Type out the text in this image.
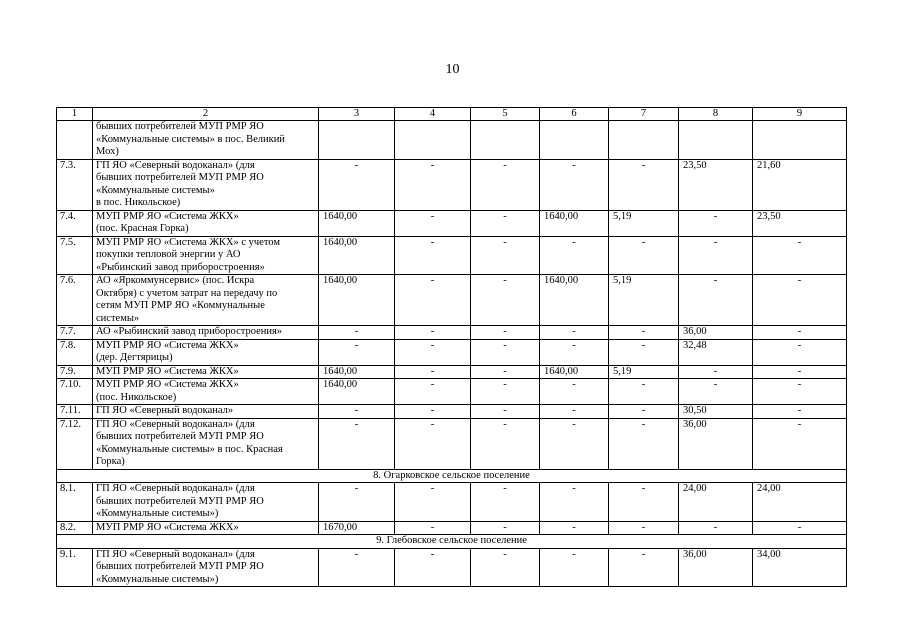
10
1	2	3	4	5	6	7	8	9
	бывших потребителей МУП РМР ЯО
«Коммунальные системы» в пос. Великий
Мох)							
7.3.	ГП ЯО «Северный водоканал» (для
бывших потребителей МУП РМР ЯО
«Коммунальные системы»
в пос. Никольское)	-	-	-	-	-	23,50	21,60
7.4.	МУП РМР ЯО «Система ЖКХ»
(пос. Красная Горка)	1640,00	-	-	1640,00	5,19	-	23,50
7.5.	МУП РМР ЯО «Система ЖКХ» с учетом
покупки тепловой энергии у АО
«Рыбинский завод приборостроения»	1640,00	-	-	-	-	-	-
7.6.	АО «Яркоммунсервис» (пос. Искра
Октября) с учетом затрат на передачу по
сетям МУП РМР ЯО «Коммунальные
системы»	1640,00	-	-	1640,00	5,19	-	-
7.7.	АО «Рыбинский завод приборостроения»	-	-	-	-	-	36,00	-
7.8.	МУП РМР ЯО «Система ЖКХ»
(дер. Дегтярицы)	-	-	-	-	-	32,48	-
7.9.	МУП РМР ЯО «Система ЖКХ»	1640,00	-	-	1640,00	5,19	-	-
7.10.	МУП РМР ЯО «Система ЖКХ»
(пос. Никольское)	1640,00	-	-	-	-	-	-
7.11.	ГП ЯО «Северный водоканал»	-	-	-	-	-	30,50	-
7.12.	ГП ЯО «Северный водоканал» (для
бывших потребителей МУП РМР ЯО
«Коммунальные системы» в пос. Красная
Горка)	-	-	-	-	-	36,00	-
8. Огарковское сельское поселение								
8.1.	ГП ЯО «Северный водоканал» (для
бывших потребителей МУП РМР ЯО
«Коммунальные системы»)	-	-	-	-	-	24,00	24,00
8.2.	МУП РМР ЯО «Система ЖКХ»	1670,00	-	-	-	-	-	-
9. Глебовское сельское поселение								
9.1.	ГП ЯО «Северный водоканал» (для
бывших потребителей МУП РМР ЯО
«Коммунальные системы»)	-	-	-	-	-	36,00	34,00
